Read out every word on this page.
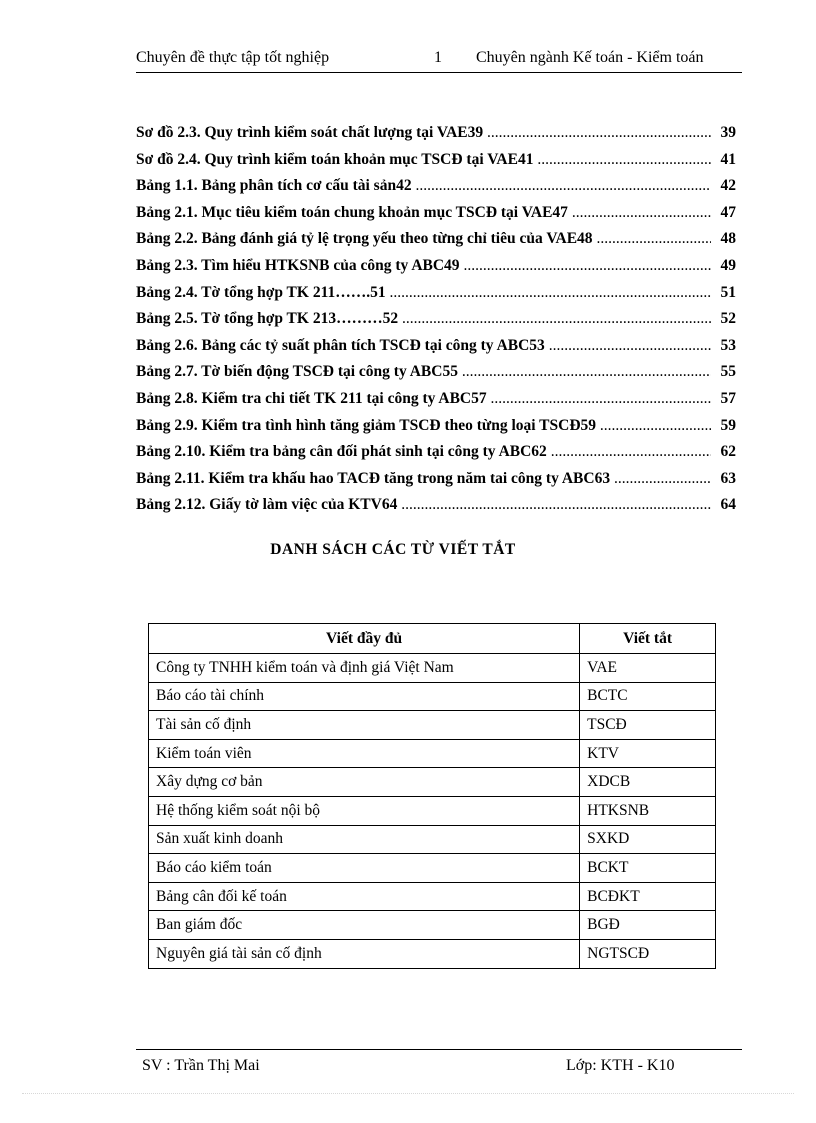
Chuyên đề thực tập tốt nghiệp	1 Chuyên ngành Kế toán - Kiểm toán
Sơ đồ 2.3. Quy trình kiểm soát chất lượng tại VAE39 .....	39
Sơ đồ 2.4. Quy trình kiểm toán khoản mục TSCĐ tại VAE41 .....	41
Bảng 1.1. Bảng phân tích cơ cấu tài sản42 .....	42
Bảng 2.1. Mục tiêu kiểm toán chung khoản mục TSCĐ tại VAE47 .....	47
Bảng 2.2. Bảng đánh giá tỷ lệ trọng yếu theo từng chỉ tiêu của VAE48 .....	48
Bảng 2.3. Tìm hiểu HTKSNB của công ty ABC49 .....	49
Bảng 2.4. Tờ tổng hợp TK 211…….51 .....	51
Bảng 2.5. Tờ tổng hợp TK 213………52 .....	52
Bảng 2.6. Bảng các tỷ suất phân tích TSCĐ tại công ty ABC53 .....	53
Bảng 2.7. Tờ biến động TSCĐ tại công ty ABC55 .....	55
Bảng 2.8. Kiểm tra chi tiết TK 211 tại công ty ABC57 .....	57
Bảng 2.9. Kiểm tra tình hình tăng giảm TSCĐ theo từng loại TSCĐ59 .....	59
Bảng 2.10. Kiểm tra bảng cân đối phát sinh tại công ty ABC62 .....	62
Bảng 2.11. Kiểm tra khấu hao TACĐ tăng trong năm tai công ty ABC63 .....	63
Bảng 2.12. Giấy tờ làm việc của KTV64 .....	64
DANH SÁCH CÁC TỪ VIẾT TẮT
Viết đầy đủ	Viết tắt
Công ty TNHH kiểm toán và định giá Việt Nam	VAE
Báo cáo tài chính	BCTC
Tài sản cố định	TSCĐ
Kiểm toán viên	KTV
Xây dựng cơ bản	XDCB
Hệ thống kiểm soát nội bộ	HTKSNB
Sản xuất kinh doanh	SXKD
Báo cáo kiểm toán	BCKT
Bảng cân đối kế toán	BCĐKT
Ban giám đốc	BGĐ
Nguyên giá tài sản cố định	NGTSCĐ
SV : Trần Thị Mai	Lớp: KTH - K10
